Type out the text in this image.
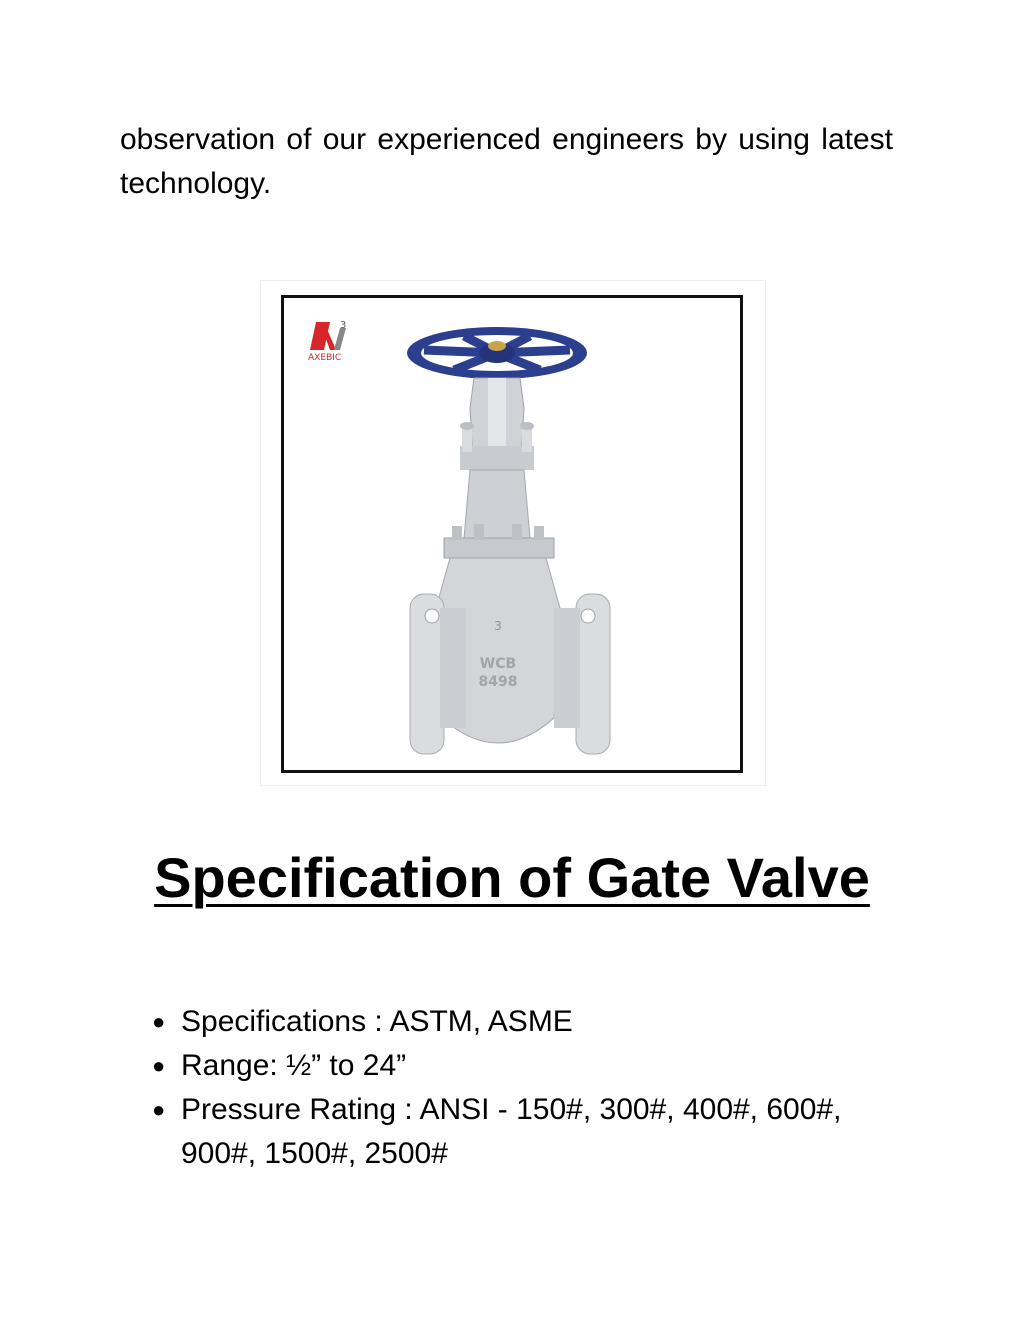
observation of our experienced engineers by using latest technology.

3
AXEBIC
3
WCB
8498
Specification of Gate Valve
● Specifications : ASTM, ASME
● Range: ½” to 24”
● Pressure Rating : ANSI - 150#, 300#, 400#, 600#, 900#, 1500#, 2500#
